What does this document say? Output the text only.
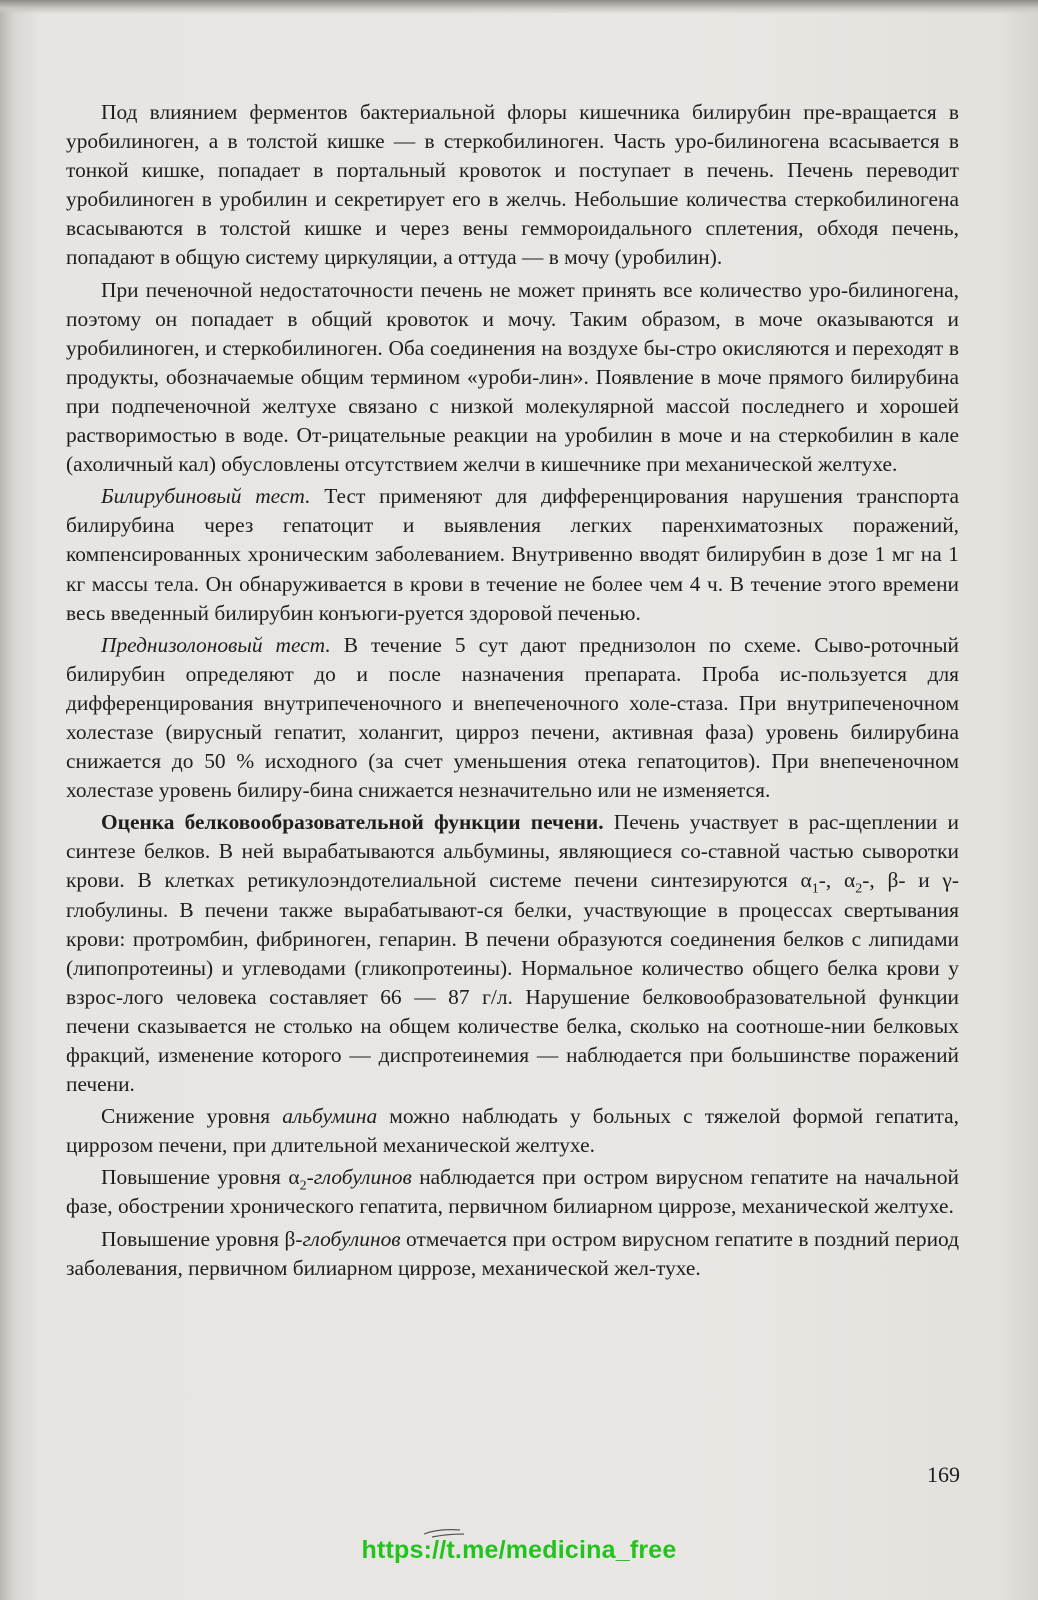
Под влиянием ферментов бактериальной флоры кишечника билирубин пре-вращается в уробилиноген, а в толстой кишке — в стеркобилиноген. Часть уро-билиногена всасывается в тонкой кишке, попадает в портальный кровоток и поступает в печень. Печень переводит уробилиноген в уробилин и секретирует его в желчь. Небольшие количества стеркобилиногена всасываются в толстой кишке и через вены геммороидального сплетения, обходя печень, попадают в общую систему циркуляции, а оттуда — в мочу (уробилин).

При печеночной недостаточности печень не может принять все количество уро-билиногена, поэтому он попадает в общий кровоток и мочу. Таким образом, в моче оказываются и уробилиноген, и стеркобилиноген. Оба соединения на воздухе бы-стро окисляются и переходят в продукты, обозначаемые общим термином «уроби-лин». Появление в моче прямого билирубина при подпеченочной желтухе связано с низкой молекулярной массой последнего и хорошей растворимостью в воде. От-рицательные реакции на уробилин в моче и на стеркобилин в кале (ахоличный кал) обусловлены отсутствием желчи в кишечнике при механической желтухе.

Билирубиновый тест. Тест применяют для дифференцирования нарушения транспорта билирубина через гепатоцит и выявления легких паренхиматозных поражений, компенсированных хроническим заболеванием. Внутривенно вводят билирубин в дозе 1 мг на 1 кг массы тела. Он обнаруживается в крови в течение не более чем 4 ч. В течение этого времени весь введенный билирубин конъюги-руется здоровой печенью.

Преднизолоновый тест. В течение 5 сут дают преднизолон по схеме. Сыво-роточный билирубин определяют до и после назначения препарата. Проба ис-пользуется для дифференцирования внутрипеченочного и внепеченочного холе-стаза. При внутрипеченочном холестазе (вирусный гепатит, холангит, цирроз печени, активная фаза) уровень билирубина снижается до 50 % исходного (за счет уменьшения отека гепатоцитов). При внепеченочном холестазе уровень билиру-бина снижается незначительно или не изменяется.

Оценка белковообразовательной функции печени. Печень участвует в рас-щеплении и синтезе белков. В ней вырабатываются альбумины, являющиеся со-ставной частью сыворотки крови. В клетках ретикулоэндотелиальной системе печени синтезируются $\alpha_1-$, $\alpha_2-$, β- и γ-глобулины. В печени также вырабатывают-ся белки, участвующие в процессах свертывания крови: протромбин, фибриноген, гепарин. В печени образуются соединения белков с липидами (липопротеины) и углеводами (гликопротеины). Нормальное количество общего белка крови у взрос-лого человека составляет 66 — 87 г/л. Нарушение белковообразовательной функции печени сказывается не столько на общем количестве белка, сколько на соотноше-нии белковых фракций, изменение которого — диспротеинемия — наблюдается при большинстве поражений печени.

Снижение уровня альбумина можно наблюдать у больных с тяжелой формой гепатита, циррозом печени, при длительной механической желтухе.

Повышение уровня $\alpha_2$-глобулинов наблюдается при остром вирусном гепатите на начальной фазе, обострении хронического гепатита, первичном билиарном циррозе, механической желтухе.

Повышение уровня β-глобулинов отмечается при остром вирусном гепатите в поздний период заболевания, первичном билиарном циррозе, механической жел-тухе.

169
https://t.me/medicina_free
